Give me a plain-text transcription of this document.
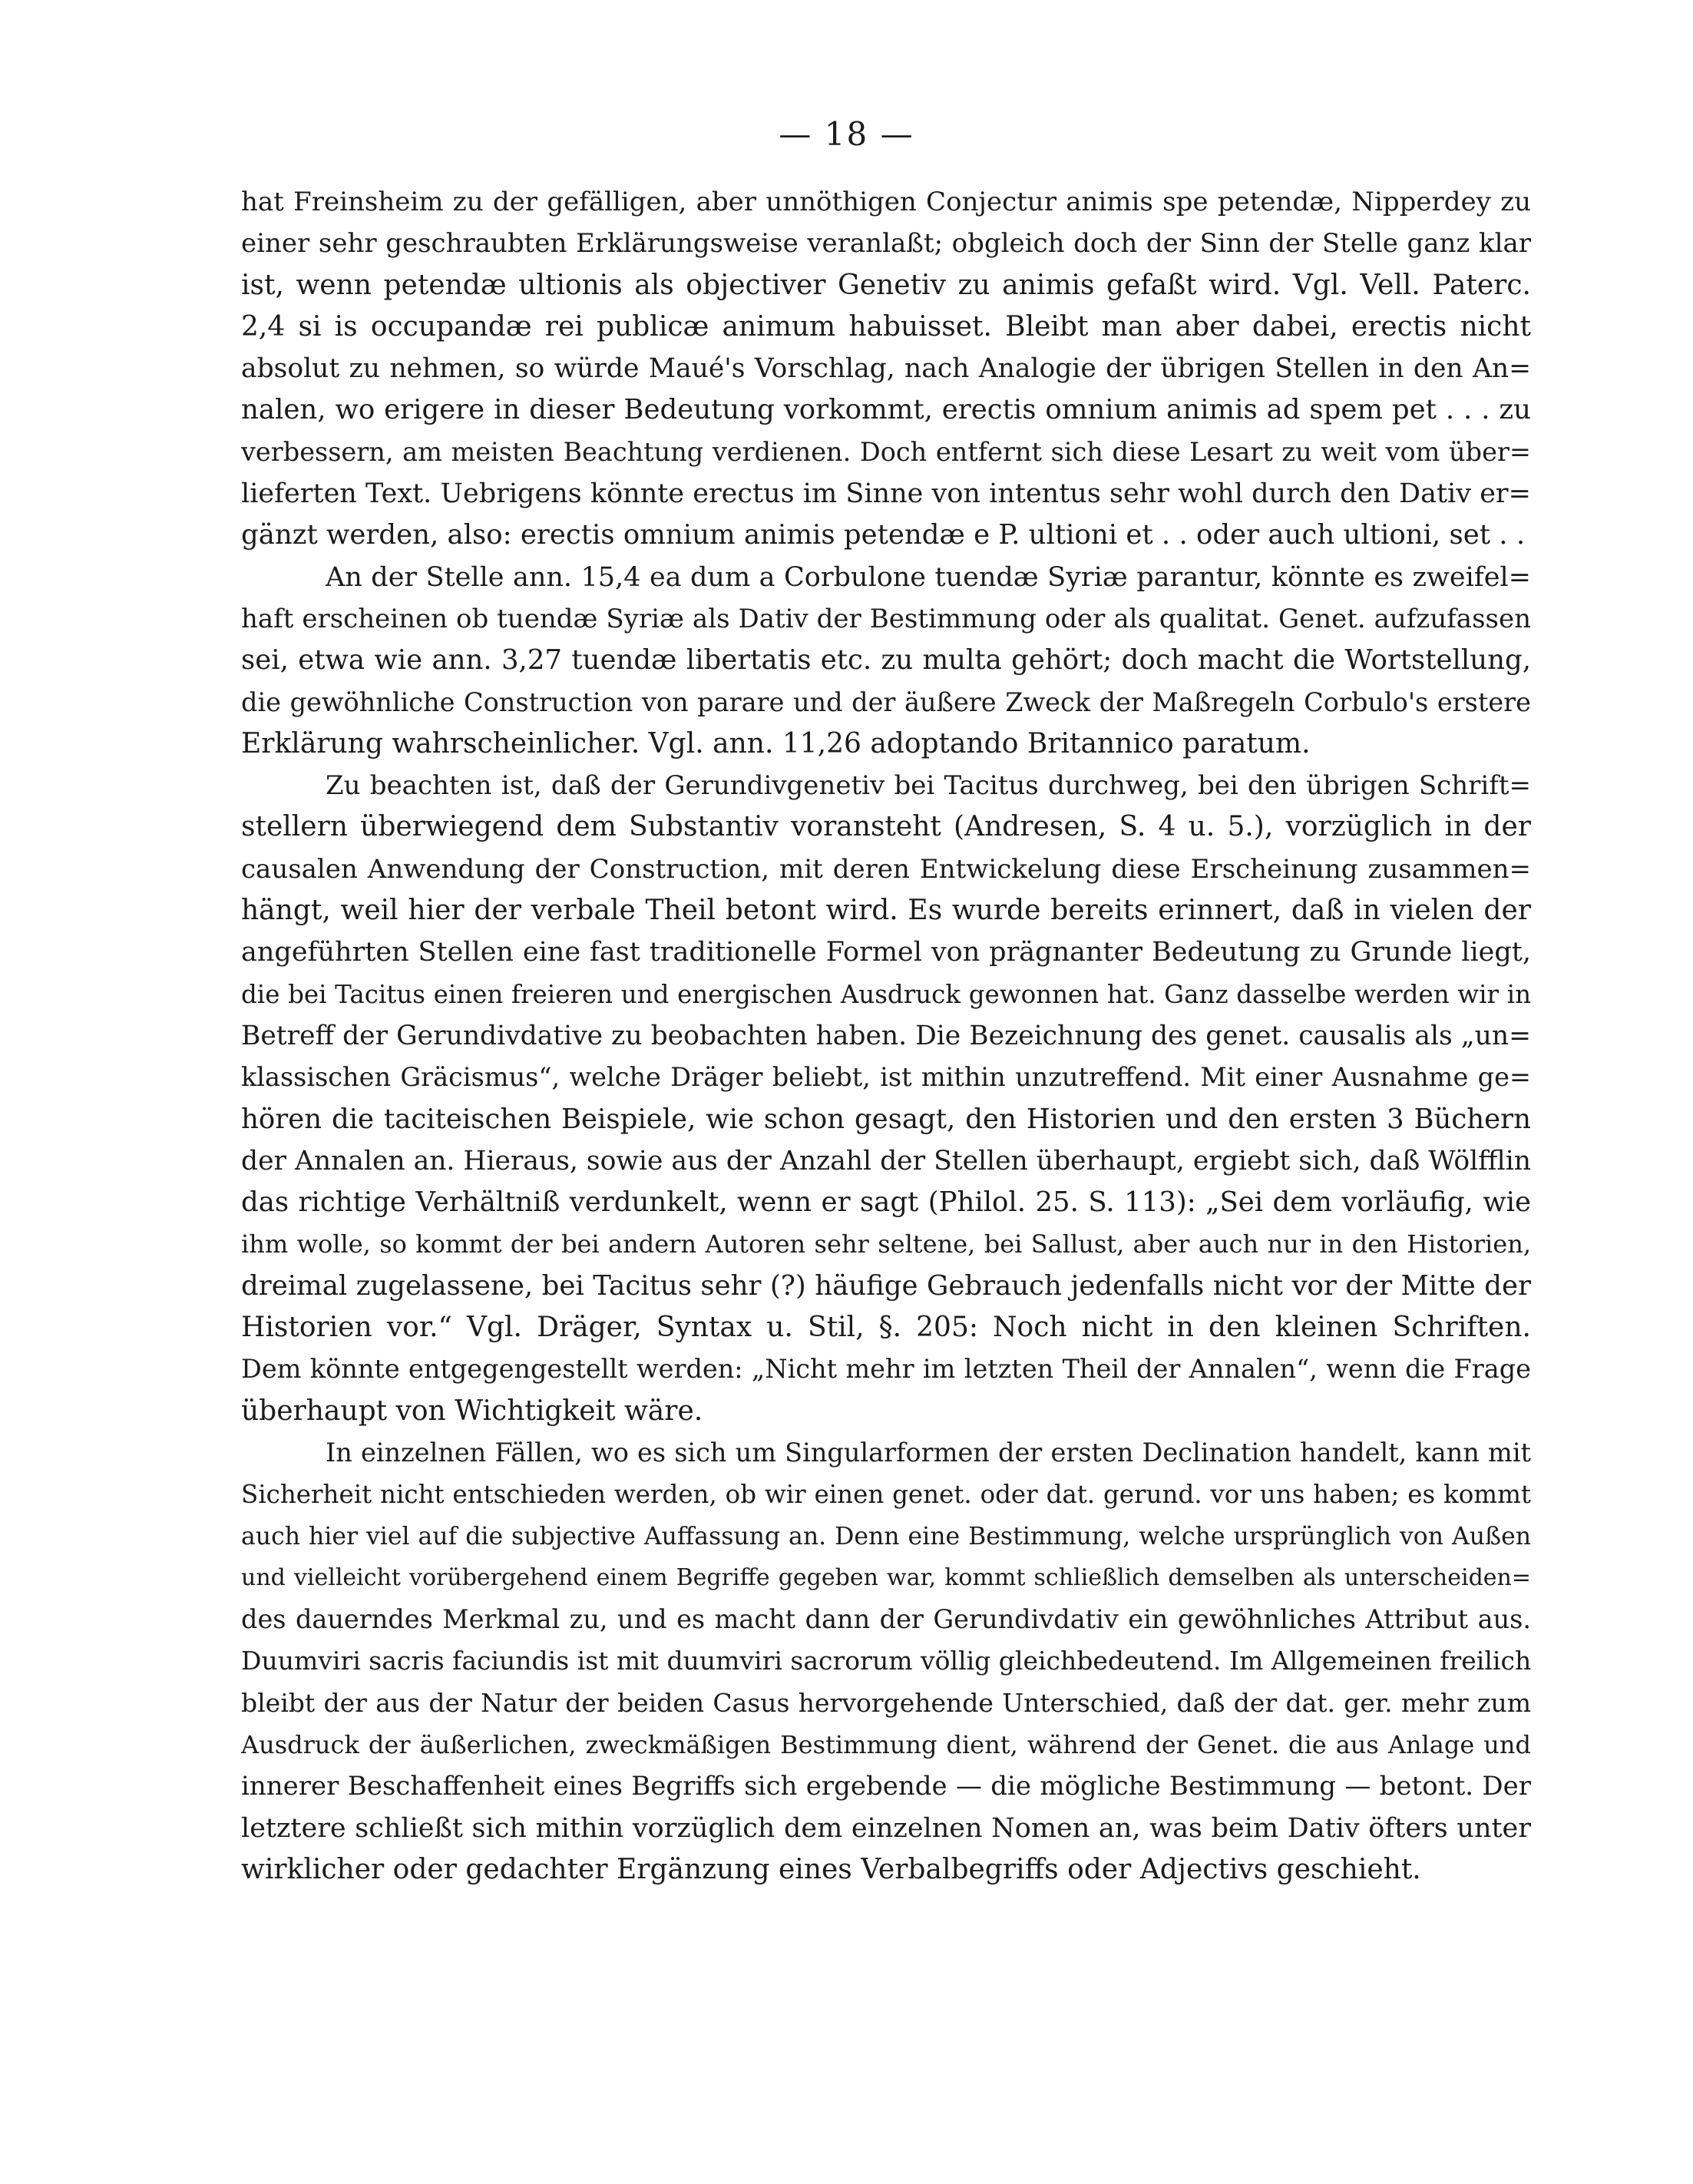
— 18 —
hat Freinsheim zu der gefälligen, aber unnöthigen Conjectur animis spe petendæ, Nipperdey zu
einer sehr geschraubten Erklärungsweise veranlaßt; obgleich doch der Sinn der Stelle ganz klar
ist, wenn petendæ ultionis als objectiver Genetiv zu animis gefaßt wird. Vgl. Vell. Paterc.
2,4 si is occupandæ rei publicæ animum habuisset. Bleibt man aber dabei, erectis nicht
absolut zu nehmen, so würde Maué's Vorschlag, nach Analogie der übrigen Stellen in den An=
nalen, wo erigere in dieser Bedeutung vorkommt, erectis omnium animis ad spem pet . . . zu
verbessern, am meisten Beachtung verdienen. Doch entfernt sich diese Lesart zu weit vom über=
lieferten Text. Uebrigens könnte erectus im Sinne von intentus sehr wohl durch den Dativ er=
gänzt werden, also: erectis omnium animis petendæ e P. ultioni et . . oder auch ultioni, set . .
An der Stelle ann. 15,4 ea dum a Corbulone tuendæ Syriæ parantur, könnte es zweifel=
haft erscheinen ob tuendæ Syriæ als Dativ der Bestimmung oder als qualitat. Genet. aufzufassen
sei, etwa wie ann. 3,27 tuendæ libertatis etc. zu multa gehört; doch macht die Wortstellung,
die gewöhnliche Construction von parare und der äußere Zweck der Maßregeln Corbulo's erstere
Erklärung wahrscheinlicher. Vgl. ann. 11,26 adoptando Britannico paratum.
Zu beachten ist, daß der Gerundivgenetiv bei Tacitus durchweg, bei den übrigen Schrift=
stellern überwiegend dem Substantiv voransteht (Andresen, S. 4 u. 5.), vorzüglich in der
causalen Anwendung der Construction, mit deren Entwickelung diese Erscheinung zusammen=
hängt, weil hier der verbale Theil betont wird. Es wurde bereits erinnert, daß in vielen der
angeführten Stellen eine fast traditionelle Formel von prägnanter Bedeutung zu Grunde liegt,
die bei Tacitus einen freieren und energischen Ausdruck gewonnen hat. Ganz dasselbe werden wir in
Betreff der Gerundivdative zu beobachten haben. Die Bezeichnung des genet. causalis als „un=
klassischen Gräcismus“, welche Dräger beliebt, ist mithin unzutreffend. Mit einer Ausnahme ge=
hören die taciteischen Beispiele, wie schon gesagt, den Historien und den ersten 3 Büchern
der Annalen an. Hieraus, sowie aus der Anzahl der Stellen überhaupt, ergiebt sich, daß Wölfflin
das richtige Verhältniß verdunkelt, wenn er sagt (Philol. 25. S. 113): „Sei dem vorläufig, wie
ihm wolle, so kommt der bei andern Autoren sehr seltene, bei Sallust, aber auch nur in den Historien,
dreimal zugelassene, bei Tacitus sehr (?) häufige Gebrauch jedenfalls nicht vor der Mitte der
Historien vor.“ Vgl. Dräger, Syntax u. Stil, §. 205: Noch nicht in den kleinen Schriften.
Dem könnte entgegengestellt werden: „Nicht mehr im letzten Theil der Annalen“, wenn die Frage
überhaupt von Wichtigkeit wäre.
In einzelnen Fällen, wo es sich um Singularformen der ersten Declination handelt, kann mit
Sicherheit nicht entschieden werden, ob wir einen genet. oder dat. gerund. vor uns haben; es kommt
auch hier viel auf die subjective Auffassung an. Denn eine Bestimmung, welche ursprünglich von Außen
und vielleicht vorübergehend einem Begriffe gegeben war, kommt schließlich demselben als unterscheiden=
des dauerndes Merkmal zu, und es macht dann der Gerundivdativ ein gewöhnliches Attribut aus.
Duumviri sacris faciundis ist mit duumviri sacrorum völlig gleichbedeutend. Im Allgemeinen freilich
bleibt der aus der Natur der beiden Casus hervorgehende Unterschied, daß der dat. ger. mehr zum
Ausdruck der äußerlichen, zweckmäßigen Bestimmung dient, während der Genet. die aus Anlage und
innerer Beschaffenheit eines Begriffs sich ergebende — die mögliche Bestimmung — betont. Der
letztere schließt sich mithin vorzüglich dem einzelnen Nomen an, was beim Dativ öfters unter
wirklicher oder gedachter Ergänzung eines Verbalbegriffs oder Adjectivs geschieht.
